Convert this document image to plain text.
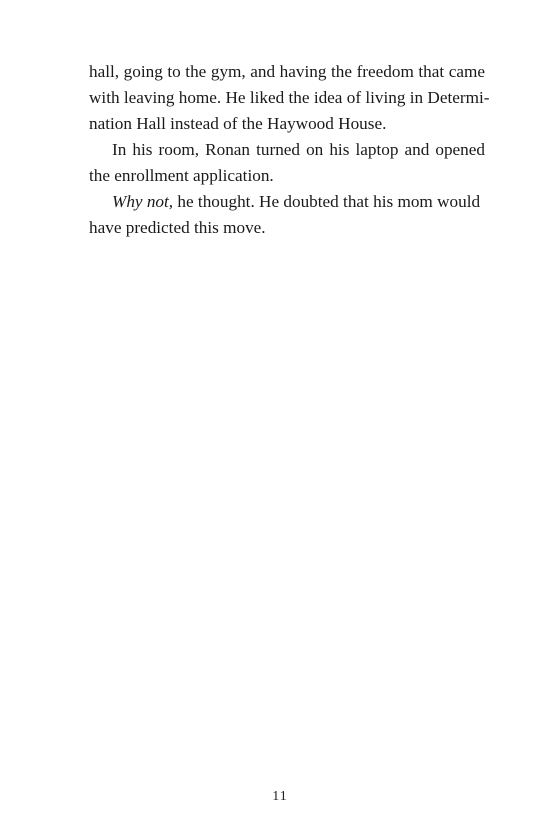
hall, going to the gym, and having the freedom that came
with leaving home. He liked the idea of living in Determi-
nation Hall instead of the Haywood House.
In his room, Ronan turned on his laptop and opened
the enrollment application.
Why not, he thought. He doubted that his mom would
have predicted this move.
11
